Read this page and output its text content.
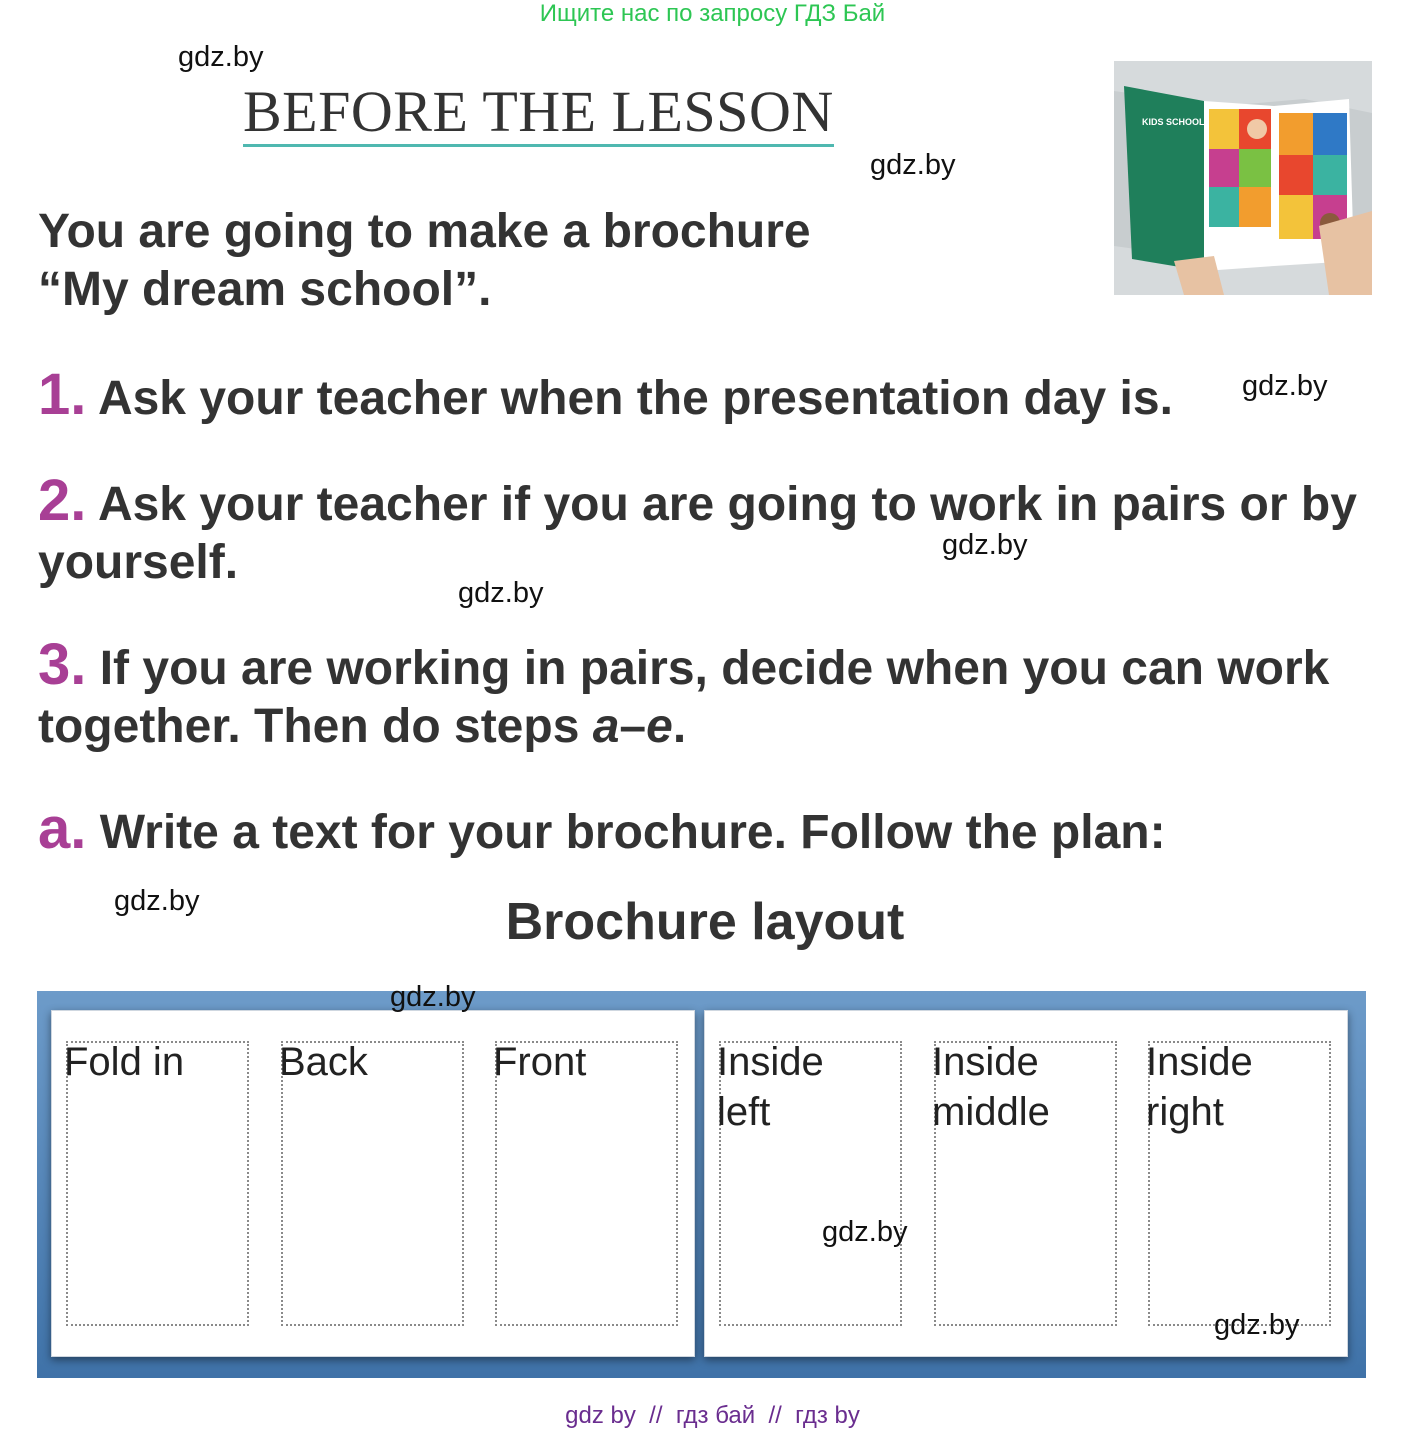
Ищите нас по запросу ГДЗ Бай
gdz.by
gdz.by
gdz.by
gdz.by
gdz.by
gdz.by
BEFORE THE LESSON	KIDS SCHOOL
You are going to make a brochure
“My dream school”.
1. Ask your teacher when the presentation day is.
2. Ask your teacher if you are going to work in pairs or by
yourself.
3. If you are working in pairs, decide when you can work
together. Then do steps a–e.
a. Write a text for your brochure. Follow the plan:
Brochure layout
Fold in	Back	Front	Inside
left
Inside
middle
Inside
right
gdz.by
gdz.by
gdz.by
gdz by  //  гдз бай  //  гдз by
